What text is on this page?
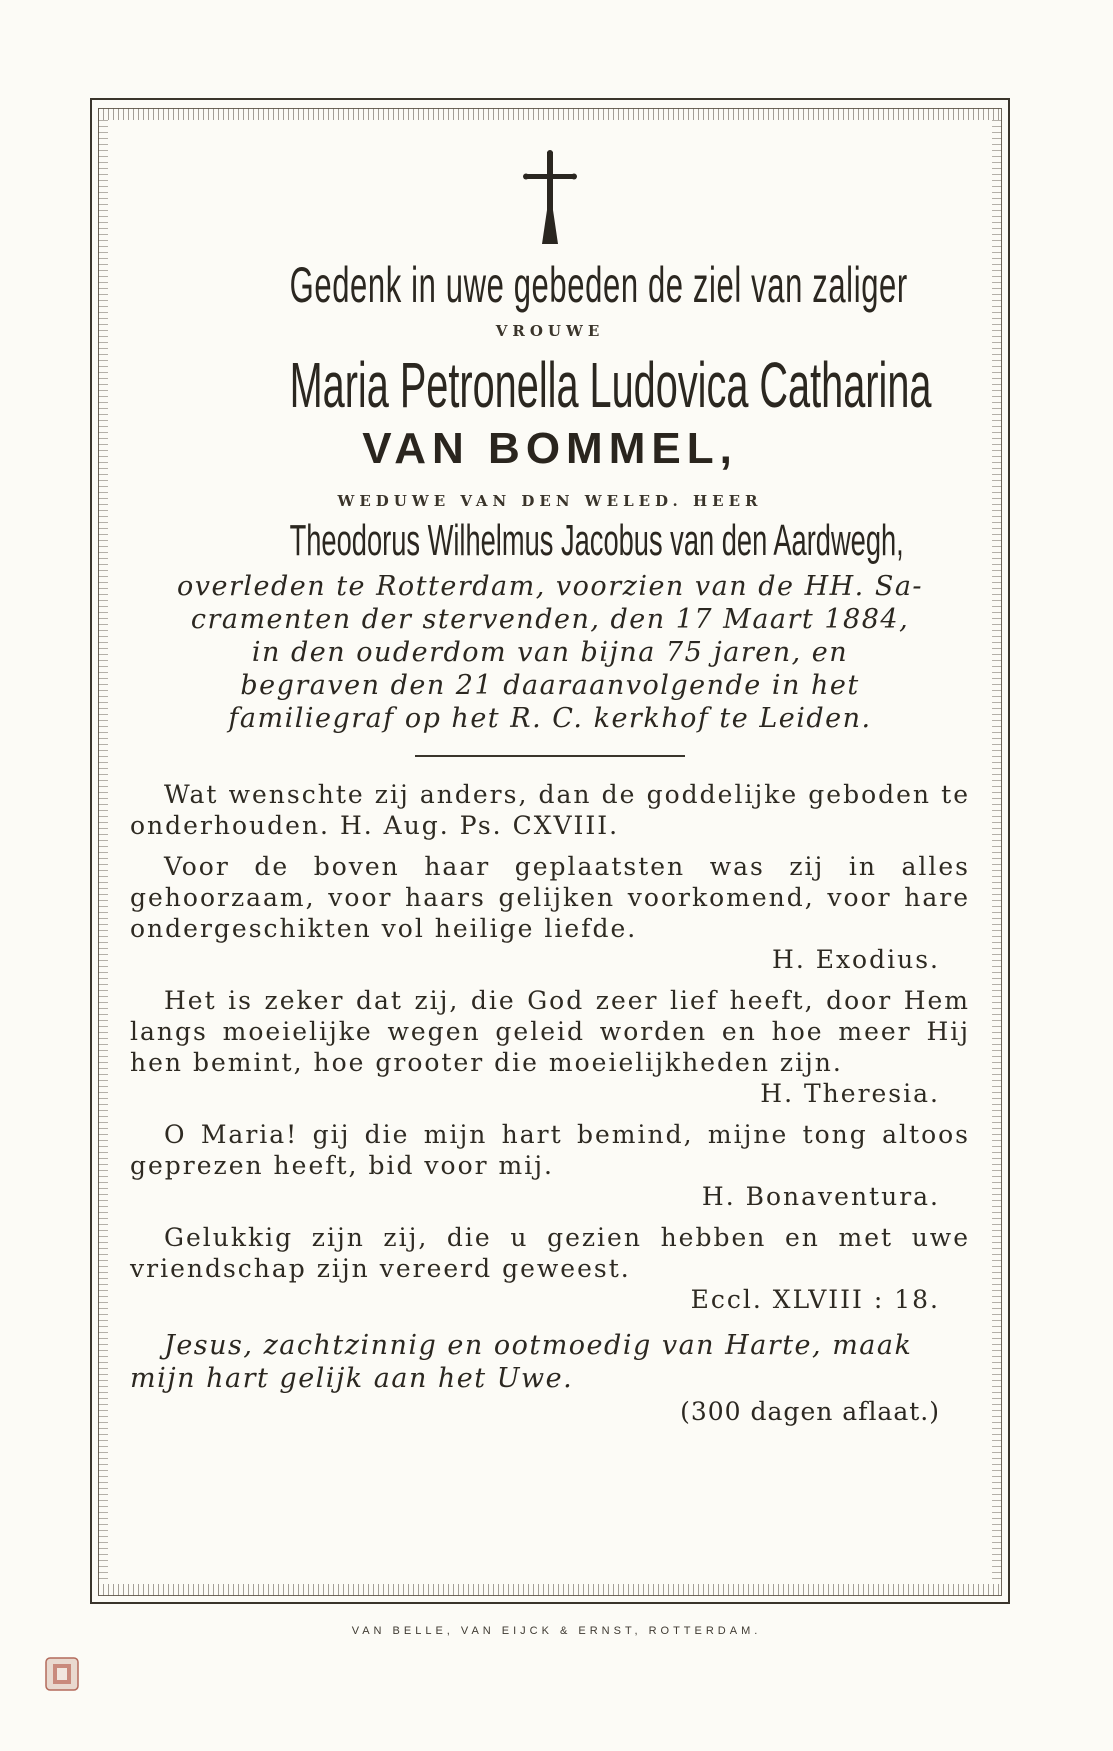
Gedenk in uwe gebeden de ziel van zaliger
VROUWE
Maria Petronella Ludovica Catharina
VAN BOMMEL,
WEDUWE VAN DEN WELED. HEER
Theodorus Wilhelmus Jacobus van den Aardwegh,
overleden te Rotterdam, voorzien van de HH. Sa-
cramenten der stervenden, den 17 Maart 1884,
in den ouderdom van bijna 75 jaren, en
begraven den 21 daaraanvolgende in het
familiegraf op het R. C. kerkhof te Leiden.
Wat wenschte zij anders, dan de goddelijke geboden te onderhouden. H. Aug. Ps. CXVIII.
Voor de boven haar geplaatsten was zij in alles gehoorzaam, voor haars gelijken voorkomend, voor hare ondergeschikten vol heilige liefde.
H. Exodius.
Het is zeker dat zij, die God zeer lief heeft, door Hem langs moeielijke wegen geleid worden en hoe meer Hij hen bemint, hoe grooter die moeielijkheden zijn.
H. Theresia.
O Maria! gij die mijn hart bemind, mijne tong altoos geprezen heeft, bid voor mij.
H. Bonaventura.
Gelukkig zijn zij, die u gezien hebben en met uwe vriendschap zijn vereerd geweest.
Eccl. XLVIII : 18.
Jesus, zachtzinnig en ootmoedig van Harte, maak mijn hart gelijk aan het Uwe.
(300 dagen aflaat.)
VAN BELLE, VAN EIJCK & ERNST, ROTTERDAM.
